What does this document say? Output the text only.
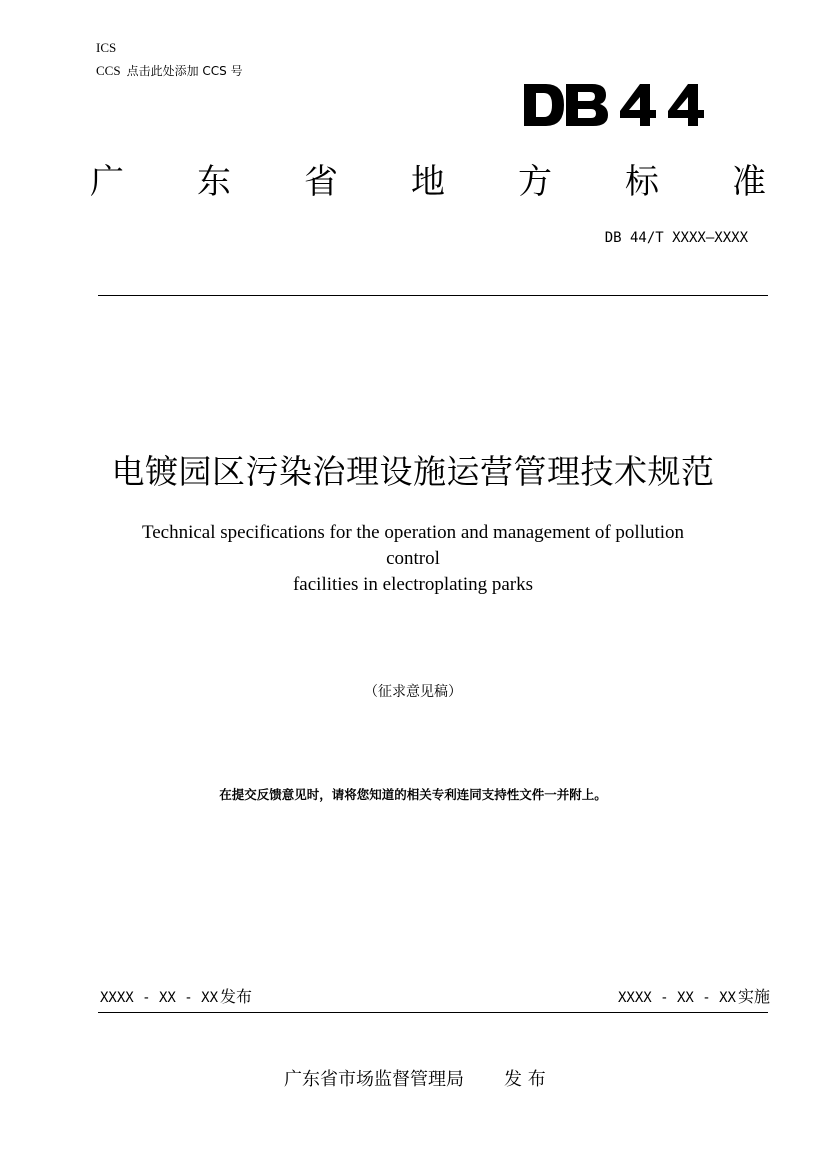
ICS
CCS 点击此处添加 CCS 号
广 东 省 地 方 标 准
DB 44/T XXXX—XXXX
电镀园区污染治理设施运营管理技术规范
Technical specifications for the operation and management of pollution control
facilities in electroplating parks
（征求意见稿）
在提交反馈意见时，请将您知道的相关专利连同支持性文件一并附上。
XXXX - XX - XX 发布	XXXX - XX - XX 实施
广东省市场监督管理局 发 布
